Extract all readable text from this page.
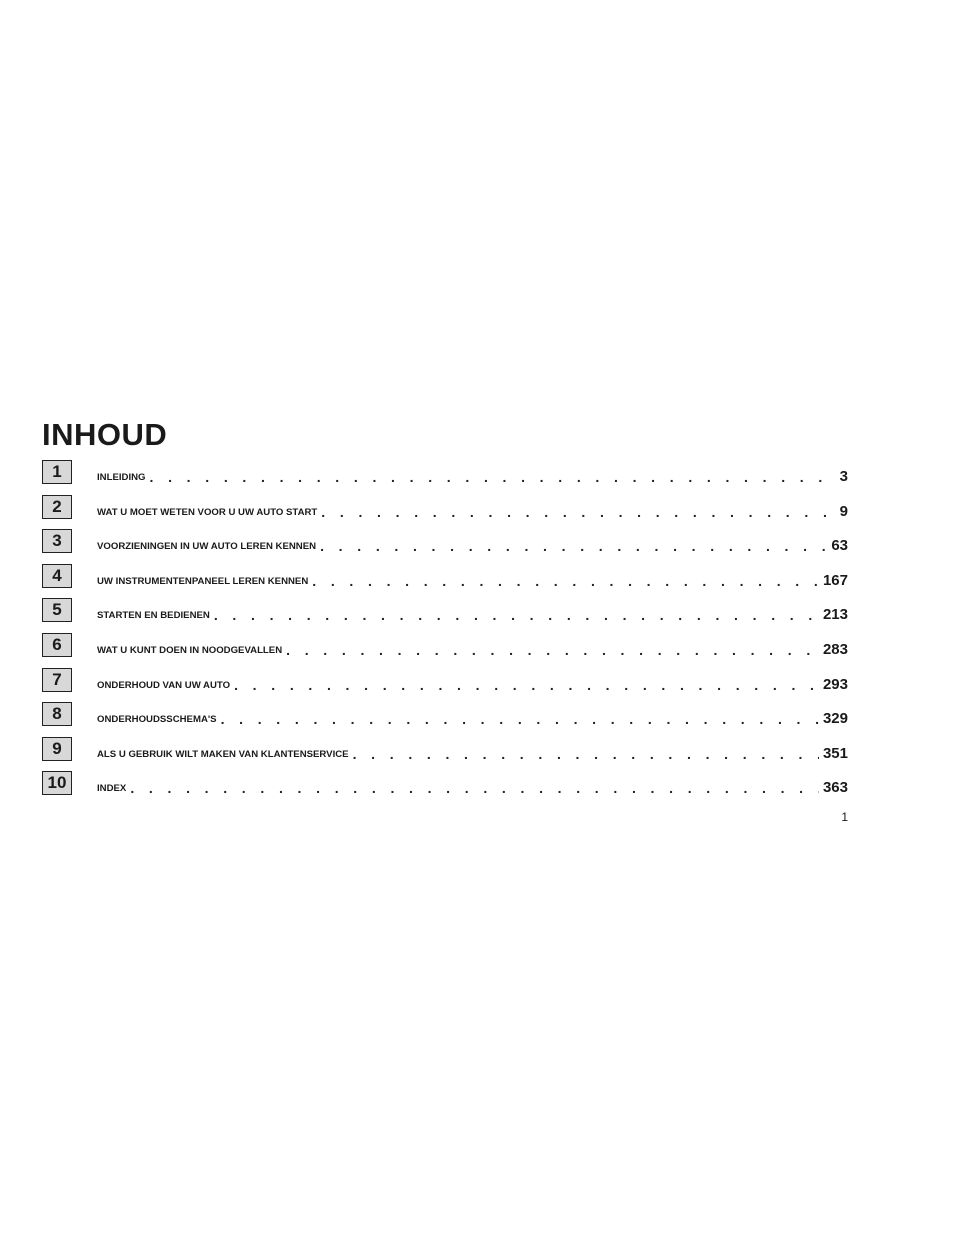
INHOUD
1	INLEIDING . . .	3
2	WAT U MOET WETEN VOOR U UW AUTO START . . .	9
3	VOORZIENINGEN IN UW AUTO LEREN KENNEN . . .	63
4	UW INSTRUMENTENPANEEL LEREN KENNEN . . .	167
5	STARTEN EN BEDIENEN . . .	213
6	WAT U KUNT DOEN IN NOODGEVALLEN . . .	283
7	ONDERHOUD VAN UW AUTO . . .	293
8	ONDERHOUDSSCHEMA'S . . .	329
9	ALS U GEBRUIK WILT MAKEN VAN KLANTENSERVICE . . .	351
10	INDEX . . .	363
1
